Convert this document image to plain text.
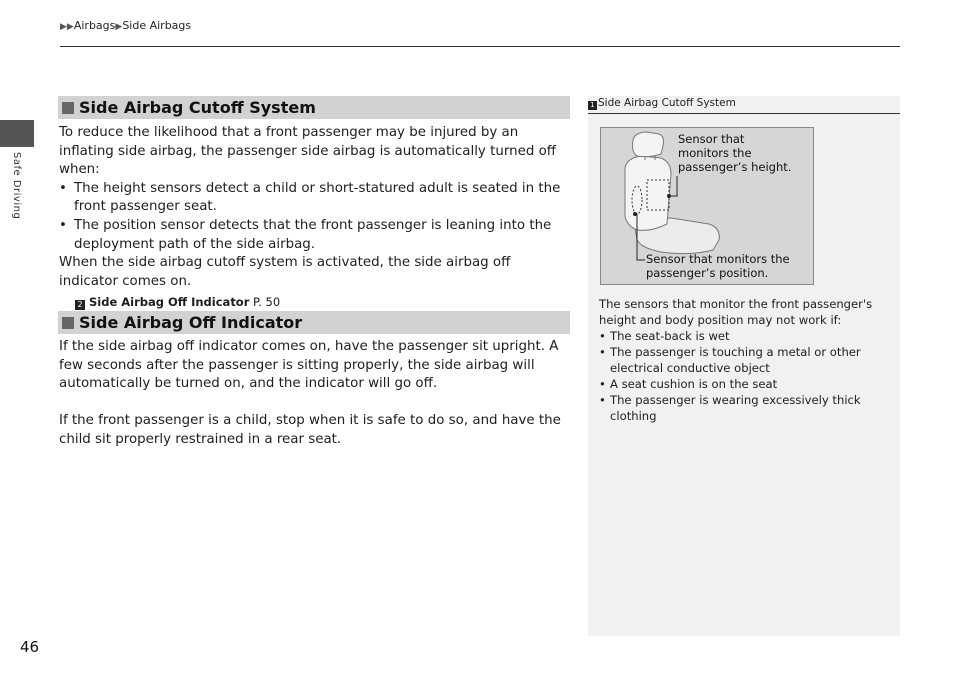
▶▶Airbags▶Side Airbags
Safe Driving
Side Airbag Cutoff System

To reduce the likelihood that a front passenger may be injured by an inflating side airbag, the passenger side airbag is automatically turned off when:

• The height sensors detect a child or short-statured adult is seated in the front passenger seat.
• The position sensor detects that the front passenger is leaning into the deployment path of the side airbag.

When the side airbag cutoff system is activated, the side airbag off indicator comes on.

2 Side Airbag Off Indicator P. 50
Side Airbag Off Indicator

If the side airbag off indicator comes on, have the passenger sit upright. A few seconds after the passenger is sitting properly, the side airbag will automatically be turned on, and the indicator will go off.

If the front passenger is a child, stop when it is safe to do so, and have the child sit properly restrained in a rear seat.

1 Side Airbag Cutoff System
Sensor that
monitors the
passenger’s height.
Sensor that monitors the
passenger’s position.

The sensors that monitor the front passenger's height and body position may not work if:

• The seat-back is wet
• The passenger is touching a metal or other electrical conductive object
• A seat cushion is on the seat
• The passenger is wearing excessively thick clothing
46
